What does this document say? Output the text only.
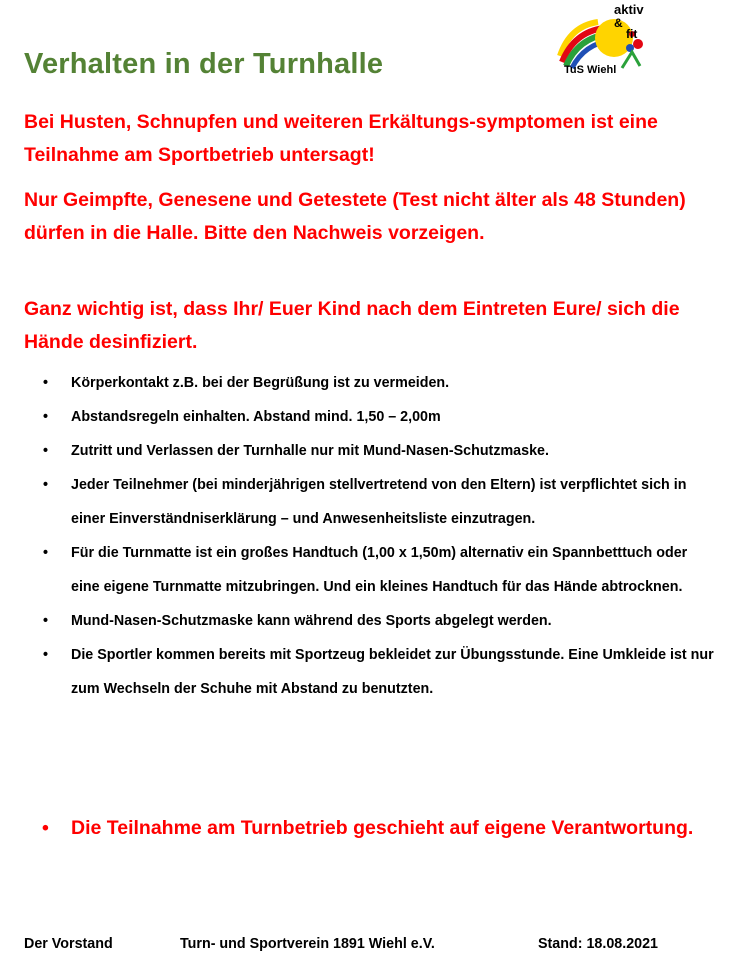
Verhalten in der Turnhalle
aktiv
&
fit
TuS Wiehl

Bei Husten, Schnupfen und weiteren Erkältungs-symptomen ist eine Teilnahme am Sportbetrieb untersagt!

Nur Geimpfte, Genesene und Getestete (Test nicht älter als 48 Stunden) dürfen in die Halle. Bitte den Nachweis vorzeigen.

Ganz wichtig ist, dass Ihr/ Euer Kind nach dem Eintreten Eure/ sich die Hände desinfiziert.

• Körperkontakt z.B. bei der Begrüßung ist zu vermeiden.
• Abstandsregeln einhalten. Abstand mind. 1,50 – 2,00m
• Zutritt und Verlassen der Turnhalle nur mit Mund-Nasen-Schutzmaske.
• Jeder Teilnehmer (bei minderjährigen stellvertretend von den Eltern) ist verpflichtet sich in einer Einverständniserklärung – und Anwesenheitsliste einzutragen.
• Für die Turnmatte ist ein großes Handtuch (1,00 x 1,50m) alternativ ein Spannbetttuch oder eine eigene Turnmatte mitzubringen. Und ein kleines Handtuch für das Hände abtrocknen.
• Mund-Nasen-Schutzmaske kann während des Sports abgelegt werden.
• Die Sportler kommen bereits mit Sportzeug bekleidet zur Übungsstunde. Eine Umkleide ist nur zum Wechseln der Schuhe mit Abstand zu benutzten.
• Die Teilnahme am Turnbetrieb geschieht auf eigene Verantwortung.
Der Vorstand	Turn- und Sportverein 1891 Wiehl e.V.	Stand: 18.08.2021
